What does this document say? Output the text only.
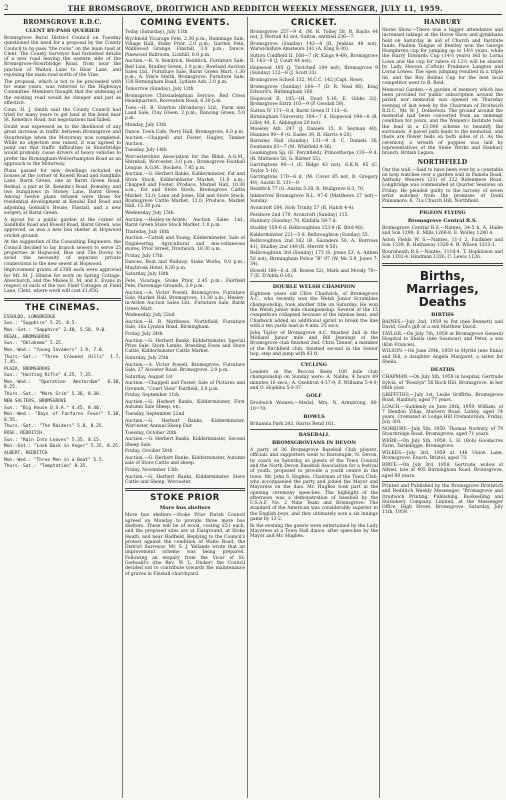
2	THE BROMSGROVE, DROITWICH AND REDDITCH WEEKLY MESSENGER, JULY 11, 1959.
BROMSGROVE R.D.C.
CLENT BY-PASS QUERIED
Bromsgrove Rural District Council on Tuesday questioned the need for a proposal by the County Council to by-pass "the rocks" on the main road at Clent. The County Surveyor had furnished details of a new road leaving the eastern side of the Bromsgrove-Stourbridge Road, from near the junction of Walton Lane to Hoar Lane, and rejoining the main road north of the Vine.
The proposal, which is not to be proceeded with for some years, was referred to the Highways Committee. Members thought that the widening of the existing road would be cheaper and just as effective.
Coun. H. J. Smith said the County Council had tried for many years to get land at the bend near St. Kenelm's Road, but negotiations had failed.
Doubt was expressed as to the likelihood of any great increase in traffic between Bromsgrove and Stourbridge when the Motorway was completed. While no objection was raised, it was agreed to point out that traffic difficulties in Stourbridge would probably cause drivers of heavy vehicles to prefer the Birmingham-Wolverhampton Road as an approach to the Motorway.
Plans passed for new dwellings included six houses at the corner of Rowell Road and Sandhills Lane, Barnt Green, one at Barnt Green Road, Rednal, a pair at St. Kenelm's Road, Romsley, and two bungalows in Stoney Lane, Barnt Green. Among twelve plans refused were those for residential development at Kendal End Road and adjoining Godsall's House, Finstall, and a new surgery at Barnt Green.
A layout for a public garden at the corner of Sandhills Road and Rowell Road, Barnt Green, was approved, as was a new bus shelter at Hopwood cricket ground.
At the suggestion of the Consulting Engineers, the Council decided to lay branch sewers to serve 25 properties at Hopwood, Rise and The Dovey, to avoid the necessity of separate private connections to the new sewer at Hopwood.
Improvement grants of £300 each were approved for Mr. M. J. Hinton for work on Spring Cottage, Alvechurch, and the Misses E. M. and E. Evans in respect of each of the two Field Cottages at Field Lane, Clent, where work will cost £1,650.
THE CINEMAS.
ESSOLDO, LONGBRIDGE
Sun.: "Sapphire" 5.25, 8.5.
Mon.-Sat.: "Sapphire" 2.40, 5.50, 9.0.
REGAL, BROMSGROVE
Sun.: "Oklahoma" 5.25.
Mon.-Wed.: "Young Invaders" 1.9, 7.0.
Thurs.-Sat.: "Three Crowned Hills" 1.7, 7.45.
PLAZA, BROMSGROVE
Sun.: "Hunting Rifle" 4.25, 7.25.
Mon.-Wed.: "Operation Amsterdam" 6.38, 8.25.
Thurs.-Sat.: "Mark Grim" 5.36, 8.30.
NEW SALTERS, BROMSGROVE
Sun.: "Big House U.S.A." 4.45, 8.40.
Mon.-Wed.: "Days of Fanfares Fever" 5.30, 8.55.
Thurs.-Sat.: "The Raiders" 5.0, 8.25.
ROSE, REDDITCH
Sun.: "Rain Into Leaves" 5.35, 8.15.
Mon.-Sat.: "Look Back in Anger" 5.35, 8.25.
ALBERT, REDDITCH
Mon.-Wed.: "Three Men in a Boat" 5.5.
Thurs.-Sat.: "Temptation" 8.35.
COMING EVENTS.
Today (Saturday), July 11th
Wychbold Vicarage Fete, 2.30 p.m.; Rummage Sale, Village Hall, Stoke Prior, 2.0 p.m.; Garden Fete, Walkwood Grange, Finstall, 3.0 p.m.; Dance, Pinewood Ballroom, Lickhill, 8.0 p.m.
Auction.—R. A. Kendrick, Redditch, Furniture Sale, Red Lion, Bradley Green, 1.0 p.m.; Rowland Auction Sales Ltd., Furniture Sale, Barnt Green Mart, 1.30 p.m.; A. Vince Smith, Bromsgrove, Furniture Sale, 138 Birmingham Road, Lydiate Ash, 2.0 p.m.
Tomorrow (Sunday), July 12th
Bromsgrove Christadelphian Service, Red Cross Headquarters, Recreation Road, 6.30 p.m.
Tues.—H. B. Everton (Broadway) Ltd., Farm and Land Sale, Clay Green, 2 p.m.; Dancing Green, 5.0 p.m.
Monday, July 13th
Dance, Town Cafe, Perry Hall, Bromsgrove, 8.0 p.m.
Auction.—Chappell and Foster, Hagley, Timber Auction.
Tuesday, July 14th
Worcestershire Association for the Blind, A.G.M., Shirehall, Worcester, 3.0 p.m.; Bromsgrove Football League, A.G.M., Rockets, 7.45 p.m.
Auction.—G. Herbert Banks, Kidderminster, Fat and Store Stock, Kidderminster Market, 11.0 a.m.; Chappell and Foster, Produce, Market Hall, 10.30 a.m., Fat and Store Stock, Bromsgrove Cattle Market, 12.0; Lane and Jones, Eld and Store Stock, Bromsgrove Cattle Market, 12.0; Produce, Market Hall, 12.30 p.m.
Wednesday, July 15th
Auction.—Healey-in-Arden: Auction Sales Ltd., Barnt Green Store Stock Market, 1.0 p.m.
Thursday, July 16th
Auction.—Cattell and Young, Kidderminster, Sale of Engineering, Agricultural and mis-cellaneous stores, Prior Street, Droitwich, 10.30 a.m.
Friday, July 17th
Dances, Boat and Railway, Stoke Works, 8.0 p.m.; Maybrook Hotel, 8.30 p.m.
Saturday, July 18th
Fete, Vicarage, Stoke Prior, 2.45 p.m.; Fairfield Fete, Parsonage Grounds, 3.0 p.m.
Auction.—A. Victor Powell, Bromsgrove, Furniture Sale, Market Hall, Bromsgrove, 11.30 a.m.; Healey-in-Arden Auction Sales Ltd., Furniture Sale, Barnt Green Mart.
Wednesday, July 22nd
Auction.—H. B. Matthews, Northfield, Furniture Sale, 16a Lyndon Road, Birmingham.
Friday, July 24th
Auction.—G. Herbert Banks, Kidderminster, Special Prize Sale, Store Lambs, Breeding Ewes and Store Cattle, Kidderminster Cattle Market.
Saturday, July 25th
Auction.—A. Victor Powell, Bromsgrove, Furniture Sale, 27 Alcester Road, Bromsgrove, 2.0 p.m.
Saturday, August 1st
Auction.—Chappell and Foster, Sale of Pictures and Grounds, "Court View" Fairfield, 3.0 p.m.
Friday, September 11th
Auction.—G. Herbert Banks, Kidderminster, First Autumn Sale Sheep, etc.
Tuesday, September 22nd
Auction.—G. Herbert Banks, Kidderminster, Worcester Annual Sheep Fair.
Tuesday, October 20th
Auction.—G. Herbert Banks, Kidderminster, Second Sheep Sale.
Friday, October 30th
Auction.—G. Herbert Banks, Kidderminster, Autumn sale of Store Cattle and sheep.
Friday, November 13th
Auction.—G. Herbert Banks, Kidderminster, Store Cattle and Sheep, Worcester.
STOKE PRIOR
More bus shelters
More bus shelters.—Stoke Prior Parish Council agreed on Monday to provide three more bus shelters. These will be of wood, costing £51 each, and the proposed sites are at Fairground, at Stoke Heath, and near Hadfield. Replying to the Council's protest against the condition of Walte Road, the District Surveyor, Mr. S. J. Yellands wrote that an improvement scheme was being prepared. Following an enquiry from the Vicar of St. Godwald's (the Rev. W. L. Dicker) the Council decided not to contribute towards the maintenance of graves in Finstall churchyard.
CRICKET.
Bromsgrove 257—9 d. (M. R. Tolley 58, R. Baylis 44 not, J. Worrall 42 not, Sutton, entitled 236—7.
Bromsgrove (Sunday) 142—8 (R. Jenkins 48 not), Warwickshire Amateurs 141 (A. King 8-30).
Sutton Coldfield II. 168—7 (R. Kings 9-49), Bromsgrove II. 143—6 (J. Court 44 not).
Hopwood 185 (J. Twitchell 109 not), Bromsgrove 9 (Sunday) 122—8 (J. Scott 33).
Bromsgrove School 132, M.C.C. 142 (Capt. Rose).
Bromsgrove (Sunday) 164—7 (D. R. Neal 66), King Edward's, Birmingham 160.
Hopwood II. 105—(H. Dood 5-16, E. Gibbs 32), Bromsgrove Extra 103—9 (P. Goodall 59).
Sutton IV 171—8 d, Barnt Green II 113—6.
Birmingham University 104—7 d, Hopwood 194—8 (R. Lilley 44, E. Abbington 20 not).
Moseley Ath. 247 (J. Daniels 15, 8. Seyman 40), Hunnies 90—9 (G. Eades 39, R. Harris 4-20).
Barnsley Hall (Sunday) 131—9 d. C. Daniels 36, Dontients 63—7 (M. Whitfield 4-36).
Leamington Sp. (E. Perchfield), Princethorpe 133—9 d. (R. Mathews 56, G. Barber 55).
Garringtons 90—1 (F. Ridge 43 not), G.K.N. 85 (C. Taylor 5-16).
Garringtons 170—6 d. (M. Cover 85 not, B. Gregory 40), Austin II. 131—9.
Redditch 77 (G. Austin 5-28, R. Mullgrave 8.3, 70.
Inkberrow Bromsgrove R.L. 97-6 (Matthews 27 not)—Sunday.
Avoncroft 184, Holy Trinity 57 (R. Hatch 4-4).
Pershore 2nd 179, Avoncroft (Sunday) 115.
Hanbury (Sunday) 70, Kinfalla 59-7 d.
Studley 159-6 d, Belbroughton 153-9 (K. Bird 48).
Kidderminster 221—5 d. Belbroughton (Sunday) 55.
Belbroughton 2nd 162 (B. Saunders 50, A. Burrows 41), Studley 2nd 149 (R. Merritt 4-50).
Belbroughton 3rd (Sunday) 173 (S. Jones 53, A. Aitken 50 not), Birmingham Police "B" 97 (W. Mc 5.9, Jones 7-34).
Howell 189—6 d. (B. Bowes 52), Mark and Moody 70—7 (E. D'Adda 6-16).
DOUBLE WELSH CHAMPION
Eighteen years old Clive Chadwick, of Bromsgrove A.C., who recently won the Welsh Junior Scrambles championship, took another title on Saturday. He won the Welsh junior mile championship. Several of the 15 competitors collapsed because of the intense heat, and Chadwick added an additional sprint to break the line with a ten yards lead in 4 min. 25 secs.
John Taylor of Bromsgrove A.C. finished 2nd in the Midland Junior mile and Bill Jennings of the Bromsgrove club finished 2nd. Chris Tanner, a member of the Birchfield club, finished second in the Senior hop, step and jump with 43 ft.
CYCLING
Leaders in the Boccon Rests 100 mile club championship on Sunday were: A. Nabbs, 4 hours 49 minutes 16 secs.; A. Oseldron 4-57-9; F. Williams 5-4-0; and O. Hopkins 5-9-37.
GOLF
Droitwich Women.—Medal, Mrs. N. Armstrong, 80-10=70.
BOWLS
Britannia Park 243, Harris Bend 161.
BASEBALL
BROMSGROVIANS IN DEVON
A party of 26 Bromsgrove Baseball Club players, officials and supporters went to Barnstaple, N. Devon, by coach on Saturday as guests of the Town Council and the North Devon Baseball Association for a festival of youth, proposed to provide a youth centre in the town. Mr. John S. Hughes, Chairman of the Town Club, who accompanied the party and joined the Mayor and Mayoress on the dais. Mr. Hughes took part in the opening ceremony speeches. The highlight of the afternoon was a demonstration of baseball by the U.S.A.F. No. 2 Nine Team and Bromsgrove. The standard of the American was considerably superior to the English boys, and they ultimately won a six innings game by 12-2.
In the evening the guests were entertained by the Lady Mayoress at a Town Hall dance, after speeches by the Mayor and Mr. Hughes.
HANBURY
Horse Show.—There was a bigger attendance and increased takings at the Horse Show and gymkhana held on Saturday in aid of Church and Institute funds. Pauline Tongue of Bentley won the George Humphreys cup for jumping up to 14½ years, while the Harry Edwards Cup (14½ years) fell to Lorna Lowe and the cup for riders of 12½ will be shared by Lady Heyson (Cofton) Prudence Langton and Lorna Lowes. The open jumping resulted in a triple tie, and the Roy Rollins Cup for the best local competitor went to B. Reid.
Memorial Garden.—A garden of memory which has been provided for public subscription around the parish war memorial was opened on Thursday evening of last week by the Chairman of Droitwich R.D.C., Mr. W. J. Dolherson. The ground around the memorial had been converted from an unkempt condition for years, and the Women's Institute took the lead in a £1,000 scheme to beautify the surrounds. A paved path leads to the memorial, and there are flower beds on both sides of it. As the ceremony a wreath of poppies was laid by representatives of the Stoke Works and Hanbury branch, British Legion.
NORTHFIELD
Our the wall.—Said to have been over by a constable on loop watches over a garden wall in Pamela Road, Anthony Weavers (23) of 122 Ridenmere Road, Longbridge was commended at Quarter Sessions on Friday. He pleaded guilty to the larceny of seven wrist watches from the premises of Dodd Pinnamore, 6, 71a Church Hill, Northfield.
PIGEON FLYING
Bromsgrove Central R.S.
Bromsgrove Central R.S.—Nantes, 34-5 h. A. Hadle and Son 1290, E. Mills 1268-8, E. Wolley 1280 4.
Aston Fields W. S.—Nantes, 11-1 2. Faulkner and Son 1339, R. Hathaway 1326-4. R. Wilson 1313-1.
Bournheath R.S.—Nantes, 1118-4, T. Hopkinson and Son 1102-4. Hindman 1326, C. Lewis 1126.
Births, Marriages, Deaths
BIRTHS
BAINES.—July 2nd, 1959 to Pat (née Bennett) and David, God's gift of a son Matthew David.
TAYLOR.—On July 7th, 1959 at Bromsgrove General Hospital to Sheila (née Seamour) and Peter, a son (Kim Frances).
WILSON.—On June 29th, 1959 to Myrtle (née Enna) and Bill, a daughter Angela Margaret, a sister for Sheila.
DEATHS
CHAPMAN.—On July 5th, 1959 in hospital, Gertrude Sylvia, of "Rosslyn" 56 Rock Hill, Bromsgrove, in her 86th year.
GRIFFITHS.—July 1st, Leslie Griffiths, Bromsgrove Road, Hanbury, aged 77 years.
LOACH.—Suddenly on June 28th, 1959, William, of 7 Hendon Villas, Malvern Road, Lickey, aged 74 years. Cremated at Lodge Hill Crematorium, Friday, July 3rd.
NORBURY.—July 5th, 1959, Thomas Norbury, of 79 Stourbridge Road, Bromsgrove, aged 71 years.
WEBB.—On July 5th, 1959, L. H. (Bob) Goodacres Farm, Tardebigge, Bromsgrove.
WILKES.—July 3rd, 1959 at 146 Union Lane, Bromsgrove, Enoch, Bristol, aged 73.
BIRTE.—On July 3rd, 1959, Gertrude, widow of Alfred, late of 405 Birmingham Road, Bromsgrove, aged 90 years.
Printed and Published by the Bromsgrove Droitwich and Redditch Weekly Messenger, "Bromsgrove and Droitwich Printing, Publishing, Bookselling and Stationery Company, Limited, at the Messenger Office, High Street, Bromsgrove. Saturday, July 11th, 1959.
